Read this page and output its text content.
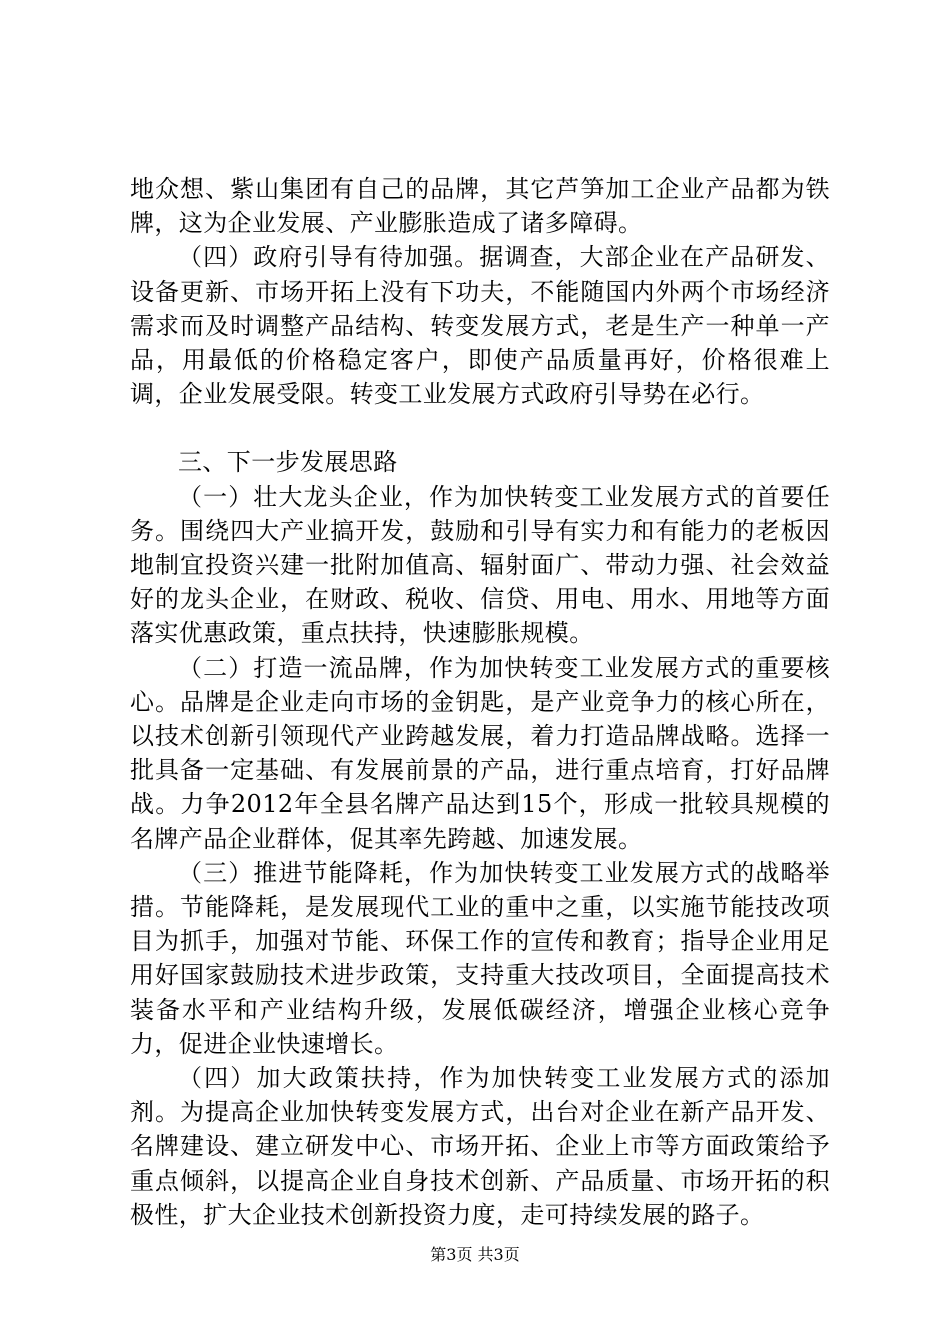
地众想、紫山集团有自己的品牌，其它芦笋加工企业产品都为铁牌，这为企业发展、产业膨胀造成了诸多障碍。

（四）政府引导有待加强。据调查，大部企业在产品研发、设备更新、市场开拓上没有下功夫，不能随国内外两个市场经济需求而及时调整产品结构、转变发展方式，老是生产一种单一产品，用最低的价格稳定客户，即使产品质量再好，价格很难上调，企业发展受限。转变工业发展方式政府引导势在必行。

三、下一步发展思路

（一）壮大龙头企业，作为加快转变工业发展方式的首要任务。围绕四大产业搞开发，鼓励和引导有实力和有能力的老板因地制宜投资兴建一批附加值高、辐射面广、带动力强、社会效益好的龙头企业，在财政、税收、信贷、用电、用水、用地等方面落实优惠政策，重点扶持，快速膨胀规模。

（二）打造一流品牌，作为加快转变工业发展方式的重要核心。品牌是企业走向市场的金钥匙，是产业竞争力的核心所在，以技术创新引领现代产业跨越发展，着力打造品牌战略。选择一批具备一定基础、有发展前景的产品，进行重点培育，打好品牌战。力争2012年全县名牌产品达到15个，形成一批较具规模的名牌产品企业群体，促其率先跨越、加速发展。

（三）推进节能降耗，作为加快转变工业发展方式的战略举措。节能降耗，是发展现代工业的重中之重，以实施节能技改项目为抓手，加强对节能、环保工作的宣传和教育；指导企业用足用好国家鼓励技术进步政策，支持重大技改项目，全面提高技术装备水平和产业结构升级，发展低碳经济，增强企业核心竞争力，促进企业快速增长。

（四）加大政策扶持，作为加快转变工业发展方式的添加剂。为提高企业加快转变发展方式，出台对企业在新产品开发、名牌建设、建立研发中心、市场开拓、企业上市等方面政策给予重点倾斜，以提高企业自身技术创新、产品质量、市场开拓的积极性，扩大企业技术创新投资力度，走可持续发展的路子。

第3页 共3页
